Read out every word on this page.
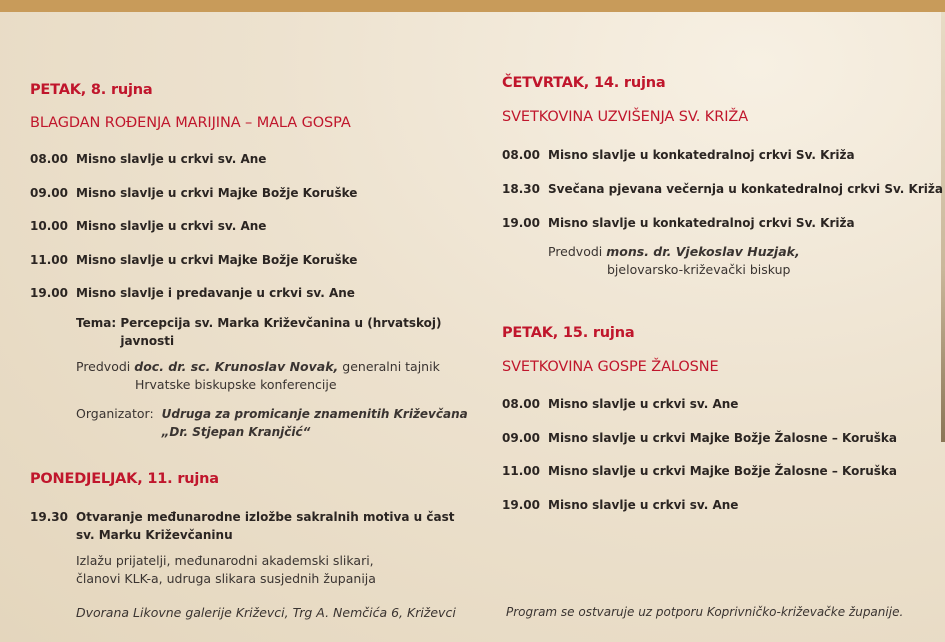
PETAK, 8. rujna
BLAGDAN ROĐENJA MARIJINA – MALA GOSPA
08.00 Misno slavlje u crkvi sv. Ane
09.00 Misno slavlje u crkvi Majke Božje Koruške
10.00 Misno slavlje u crkvi sv. Ane
11.00 Misno slavlje u crkvi Majke Božje Koruške
19.00 Misno slavlje i predavanje u crkvi sv. Ane
Tema: Percepcija sv. Marka Križevčanina u (hrvatskoj)
javnosti
Predvodi doc. dr. sc. Krunoslav Novak, generalni tajnik
Hrvatske biskupske konferencije
Organizator: Udruga za promicanje znamenitih Križevčana
„Dr. Stjepan Kranjčić“
PONEDJELJAK, 11. rujna
19.30 Otvaranje međunarodne izložbe sakralnih motiva u čast
sv. Marku Križevčaninu
Izlažu prijatelji, međunarodni akademski slikari,
članovi KLK-a, udruga slikara susjednih županija
Dvorana Likovne galerije Križevci, Trg A. Nemčića 6, Križevci
ČETVRTAK, 14. rujna
SVETKOVINA UZVIŠENJA SV. KRIŽA
08.00 Misno slavlje u konkatedralnoj crkvi Sv. Križa
18.30 Svečana pjevana večernja u konkatedralnoj crkvi Sv. Križa
19.00 Misno slavlje u konkatedralnoj crkvi Sv. Križa
Predvodi mons. dr. Vjekoslav Huzjak,
bjelovarsko-križevački biskup
PETAK, 15. rujna
SVETKOVINA GOSPE ŽALOSNE
08.00 Misno slavlje u crkvi sv. Ane
09.00 Misno slavlje u crkvi Majke Božje Žalosne – Koruška
11.00 Misno slavlje u crkvi Majke Božje Žalosne – Koruška
19.00 Misno slavlje u crkvi sv. Ane
Program se ostvaruje uz potporu Koprivničko-križevačke županije.
